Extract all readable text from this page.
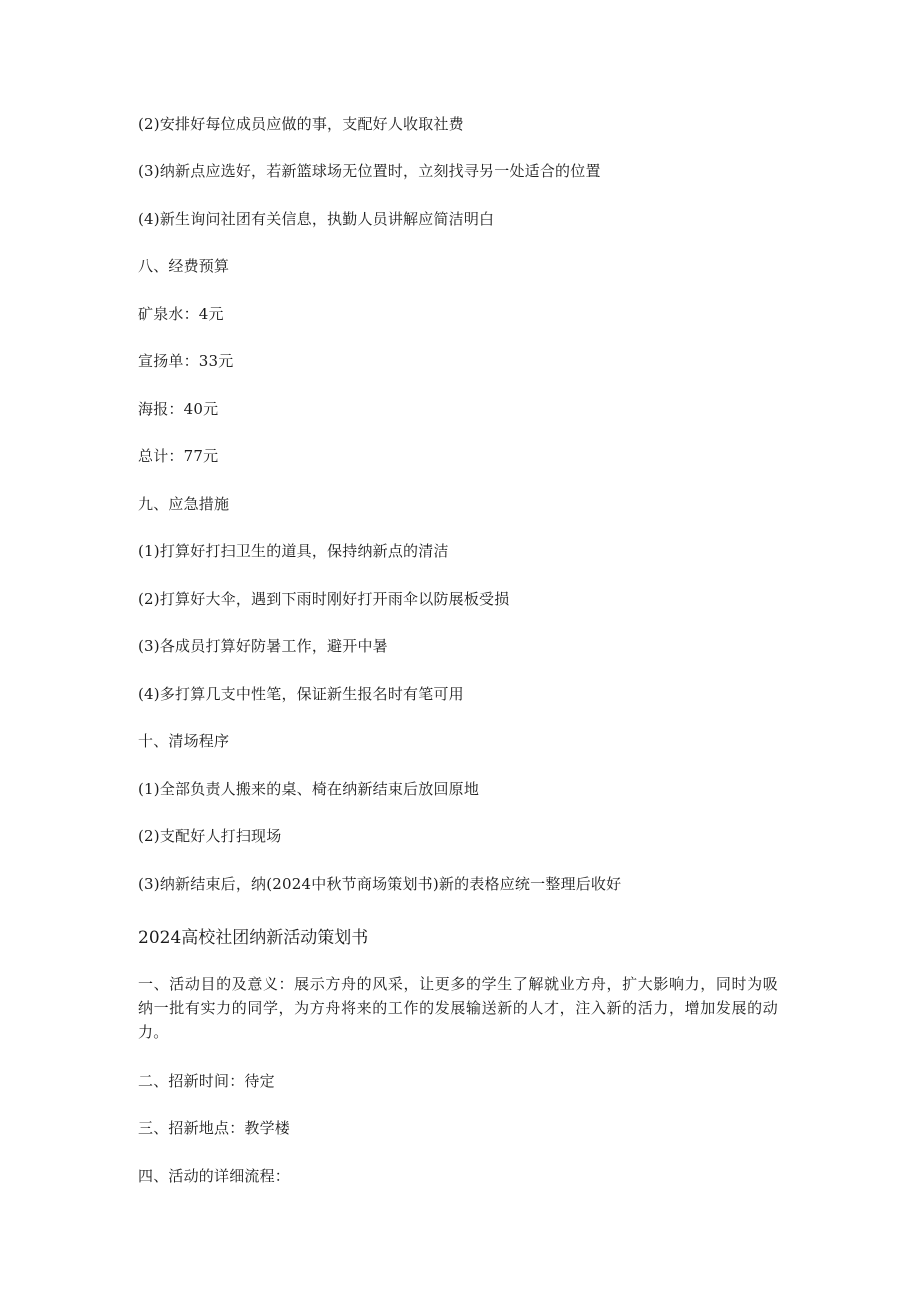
(2)安排好每位成员应做的事，支配好人收取社费
(3)纳新点应选好，若新篮球场无位置时，立刻找寻另一处适合的位置
(4)新生询问社团有关信息，执勤人员讲解应简洁明白
八、经费预算
矿泉水：4元
宣扬单：33元
海报：40元
总计：77元
九、应急措施
(1)打算好打扫卫生的道具，保持纳新点的清洁
(2)打算好大伞，遇到下雨时刚好打开雨伞以防展板受损
(3)各成员打算好防暑工作，避开中暑
(4)多打算几支中性笔，保证新生报名时有笔可用
十、清场程序
(1)全部负责人搬来的桌、椅在纳新结束后放回原地
(2)支配好人打扫现场
(3)纳新结束后，纳(2024中秋节商场策划书)新的表格应统一整理后收好
2024高校社团纳新活动策划书
一、活动目的及意义：展示方舟的风采，让更多的学生了解就业方舟，扩大影响力，同时为吸纳一批有实力的同学，为方舟将来的工作的发展输送新的人才，注入新的活力，增加发展的动力。
二、招新时间：待定
三、招新地点：教学楼
四、活动的详细流程：
